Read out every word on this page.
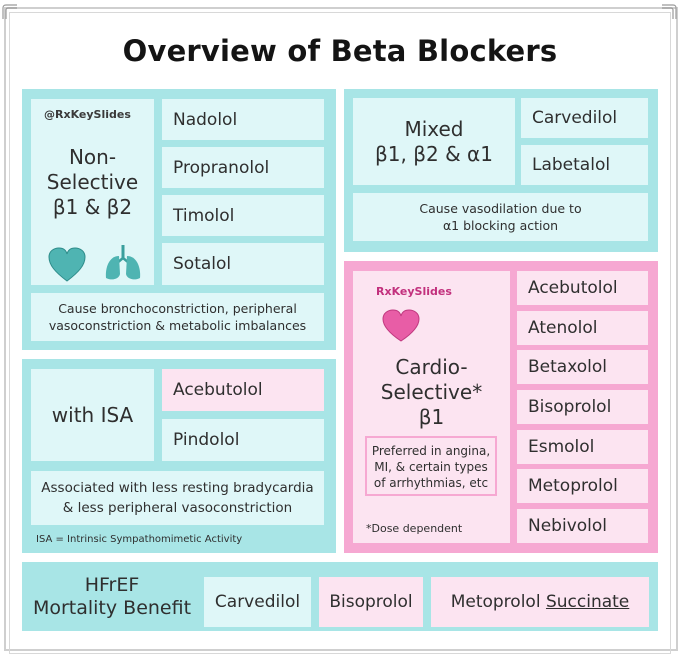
Overview of Beta Blockers
@RxKeySlides
Non-
Selective
β1 & β2
Nadolol
Propranolol
Timolol
Sotalol
Cause bronchoconstriction, peripheral
vasoconstriction & metabolic imbalances
Mixed
β1, β2 & α1
Carvedilol
Labetalol
Cause vasodilation due to
α1 blocking action
with ISA
Acebutolol
Pindolol
Associated with less resting bradycardia
& less peripheral vasoconstriction
ISA = Intrinsic Sympathomimetic Activity
RxKeySlides
Cardio-
Selective*
β1
Preferred in angina,
MI, & certain types
of arrhythmias, etc
*Dose dependent
Acebutolol
Atenolol
Betaxolol
Bisoprolol
Esmolol
Metoprolol
Nebivolol
HFrEF
Mortality Benefit	Carvedilol	Bisoprolol	Metoprolol
Succinate
